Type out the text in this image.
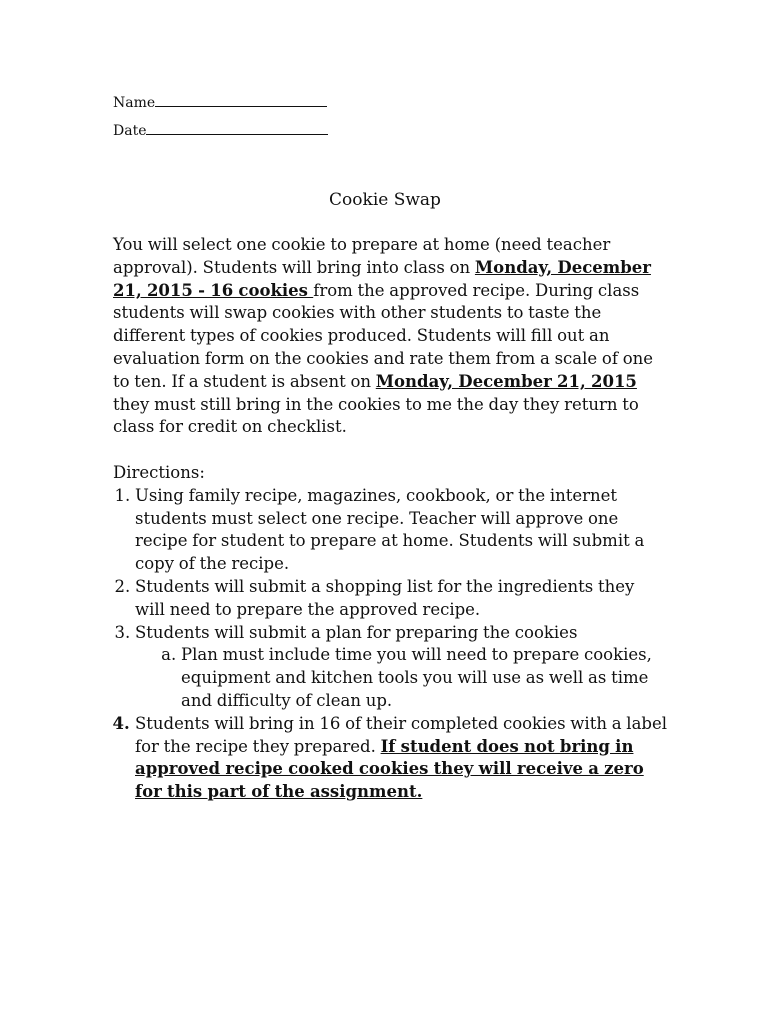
Name
Date
Cookie Swap

You will select one cookie to prepare at home (need teacher approval). Students will bring into class on Monday, December 21, 2015 - 16 cookies from the approved recipe. During class students will swap cookies with other students to taste the different types of cookies produced. Students will fill out an evaluation form on the cookies and rate them from a scale of one to ten. If a student is absent on Monday, December 21, 2015 they must still bring in the cookies to me the day they return to class for credit on checklist.

Directions:

1. Using family recipe, magazines, cookbook, or the internet students must select one recipe. Teacher will approve one recipe for student to prepare at home. Students will submit a copy of the recipe.
2. Students will submit a shopping list for the ingredients they will need to prepare the approved recipe.
3. Students will submit a plan for preparing the cookies
a. Plan must include time you will need to prepare cookies, equipment and kitchen tools you will use as well as time and difficulty of clean up.
4. Students will bring in 16 of their completed cookies with a label for the recipe they prepared. If student does not bring in approved recipe cooked cookies they will receive a zero for this part of the assignment.
